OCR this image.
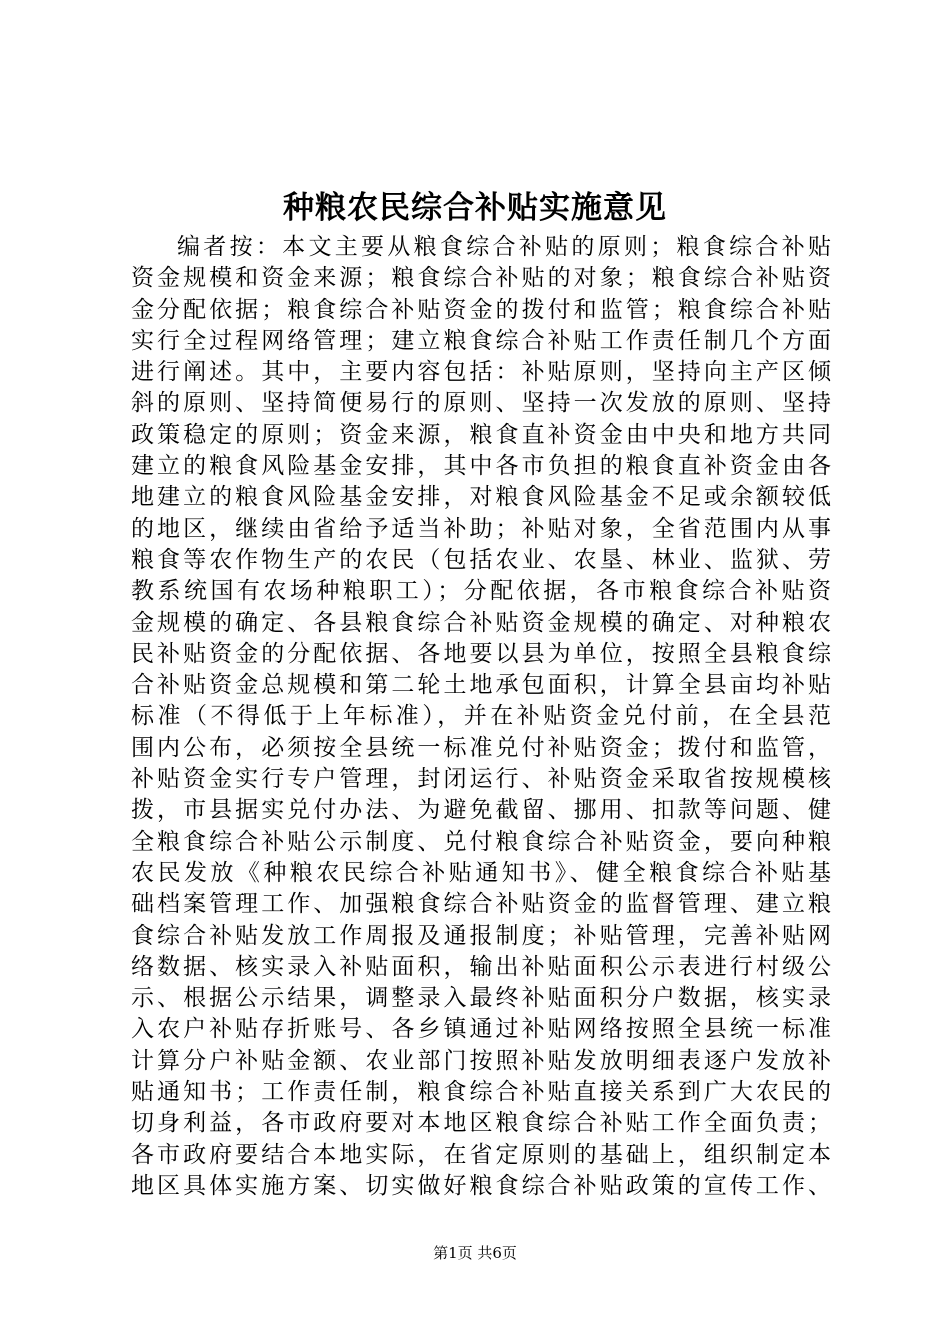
种粮农民综合补贴实施意见
编者按：本文主要从粮食综合补贴的原则；粮食综合补贴
资金规模和资金来源；粮食综合补贴的对象；粮食综合补贴资
金分配依据；粮食综合补贴资金的拨付和监管；粮食综合补贴
实行全过程网络管理；建立粮食综合补贴工作责任制几个方面
进行阐述。其中，主要内容包括：补贴原则，坚持向主产区倾
斜的原则、坚持简便易行的原则、坚持一次发放的原则、坚持
政策稳定的原则；资金来源，粮食直补资金由中央和地方共同
建立的粮食风险基金安排，其中各市负担的粮食直补资金由各
地建立的粮食风险基金安排，对粮食风险基金不足或余额较低
的地区，继续由省给予适当补助；补贴对象，全省范围内从事
粮食等农作物生产的农民（包括农业、农垦、林业、监狱、劳
教系统国有农场种粮职工）；分配依据，各市粮食综合补贴资
金规模的确定、各县粮食综合补贴资金规模的确定、对种粮农
民补贴资金的分配依据、各地要以县为单位，按照全县粮食综
合补贴资金总规模和第二轮土地承包面积，计算全县亩均补贴
标准（不得低于上年标准），并在补贴资金兑付前，在全县范
围内公布，必须按全县统一标准兑付补贴资金；拨付和监管，
补贴资金实行专户管理，封闭运行、补贴资金采取省按规模核
拨，市县据实兑付办法、为避免截留、挪用、扣款等问题、健
全粮食综合补贴公示制度、兑付粮食综合补贴资金，要向种粮
农民发放《种粮农民综合补贴通知书》、健全粮食综合补贴基
础档案管理工作、加强粮食综合补贴资金的监督管理、建立粮
食综合补贴发放工作周报及通报制度；补贴管理，完善补贴网
络数据、核实录入补贴面积，输出补贴面积公示表进行村级公
示、根据公示结果，调整录入最终补贴面积分户数据，核实录
入农户补贴存折账号、各乡镇通过补贴网络按照全县统一标准
计算分户补贴金额、农业部门按照补贴发放明细表逐户发放补
贴通知书；工作责任制，粮食综合补贴直接关系到广大农民的
切身利益，各市政府要对本地区粮食综合补贴工作全面负责；
各市政府要结合本地实际，在省定原则的基础上，组织制定本
地区具体实施方案、切实做好粮食综合补贴政策的宣传工作、
第1页 共6页
